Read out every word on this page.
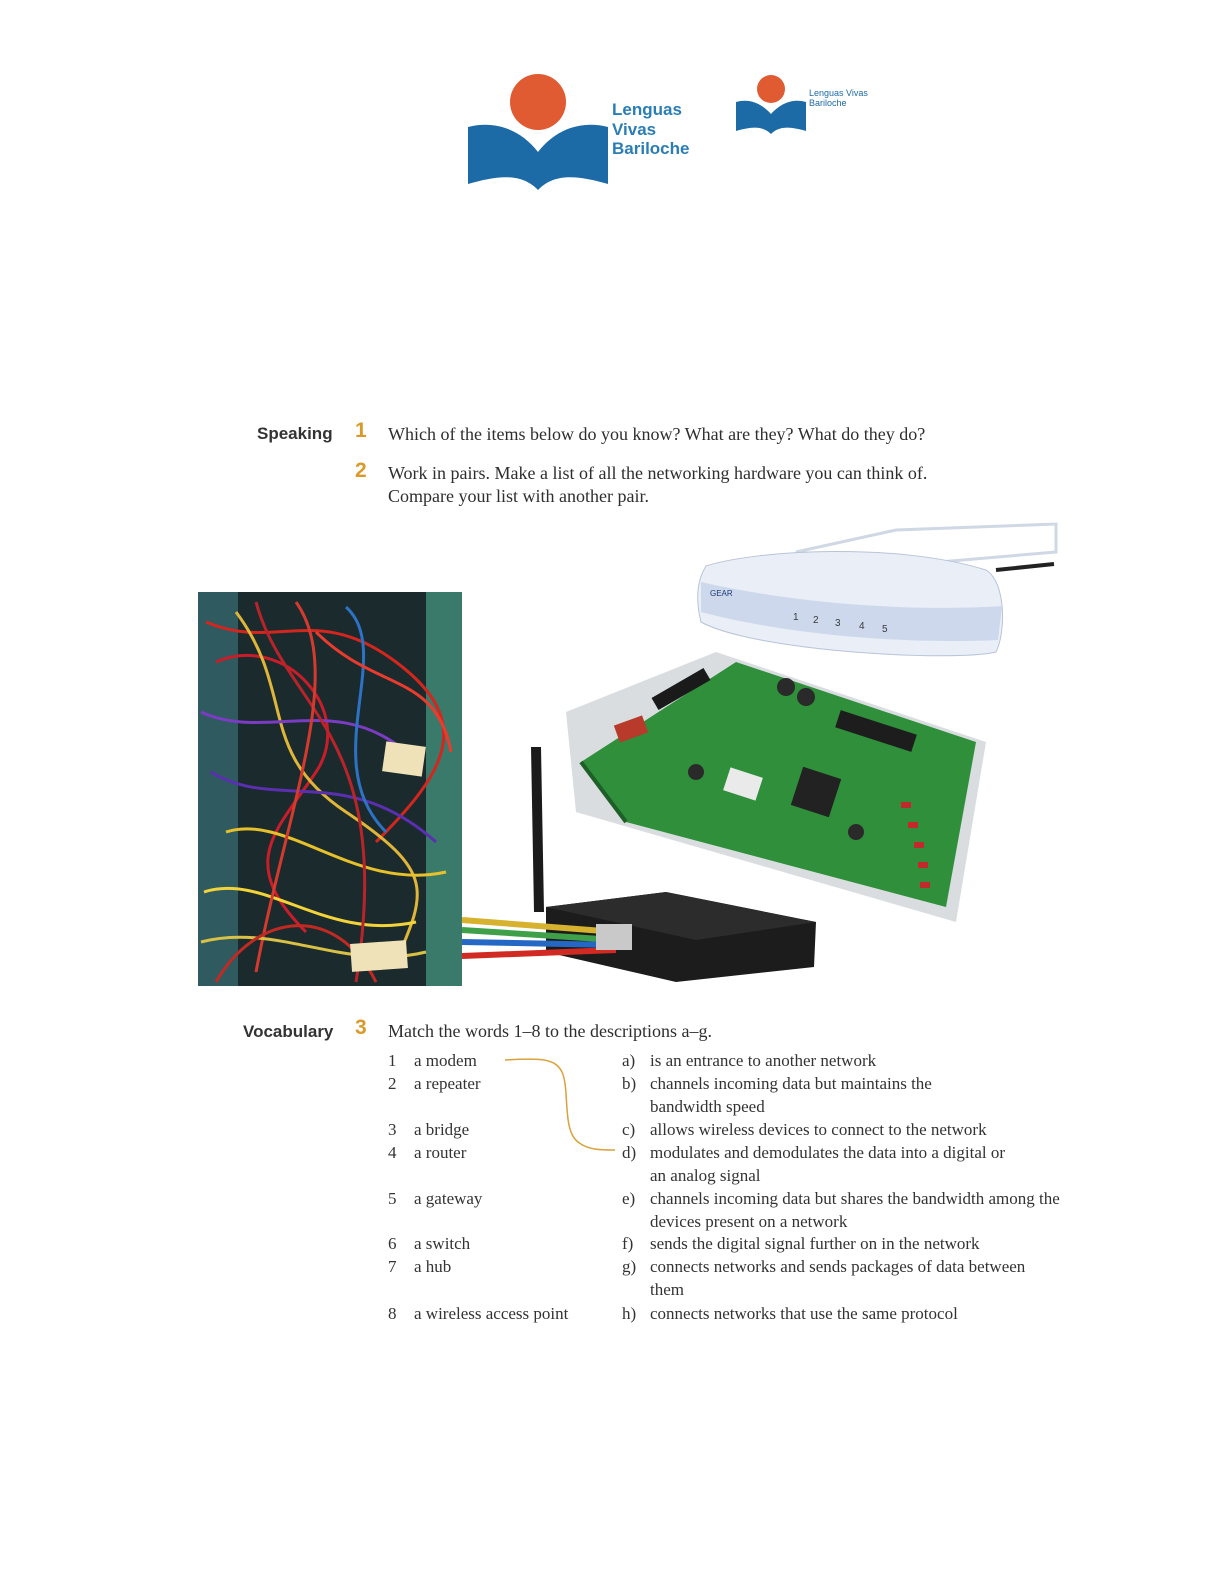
Lenguas Vivas
Bariloche
Lenguas Vivas
Bariloche
Speaking 1 Which of the items below do you know? What are they? What do they do?
2 Work in pairs. Make a list of all the networking hardware you can think of.
Compare your list with another pair.
GEAR
1 2 3 4 5
Vocabulary 3 Match the words 1–8 to the descriptions a–g.
1 a modem
2 a repeater
3 a bridge
4 a router
5 a gateway
6 a switch
7 a hub
8 a wireless access point
a) is an entrance to another network
b) channels incoming data but maintains the bandwidth speed
c) allows wireless devices to connect to the network
d) modulates and demodulates the data into a digital or an analog signal
e) channels incoming data but shares the bandwidth among the devices present on a network
f) sends the digital signal further on in the network
g) connects networks and sends packages of data between them
h) connects networks that use the same protocol
